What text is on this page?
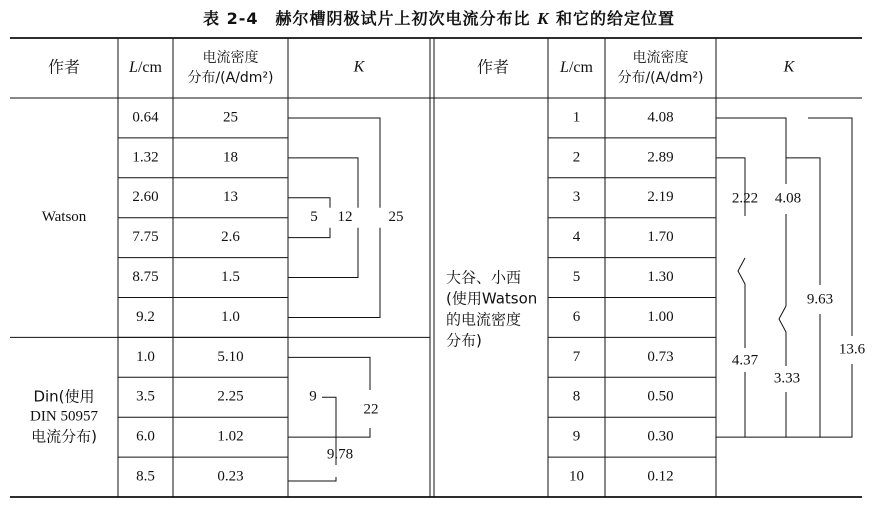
表 2-4　赫尔槽阴极试片上初次电流分布比 K 和它的给定位置
5 12 25
22
9
9.78
2.22
4.37
4.08
3.33
9.63
13.6
作者	L/cm
电流密度
分布/(A/dm²)
K	作者	L/cm
电流密度
分布/(A/dm²)
K
Watson
0.64	25
1.32	18
2.60	13
7.75	2.6
8.75	1.5
9.2	1.0
Din(使用
DIN 50957
电流分布)
1.0	5.10
3.5	2.25
6.0	1.02
8.5	0.23
大谷、小西
(使用Watson
的电流密度
分布)
1	4.08
2	2.89
3	2.19
4	1.70
5	1.30
6	1.00
7	0.73
8	0.50
9	0.30
10	0.12
